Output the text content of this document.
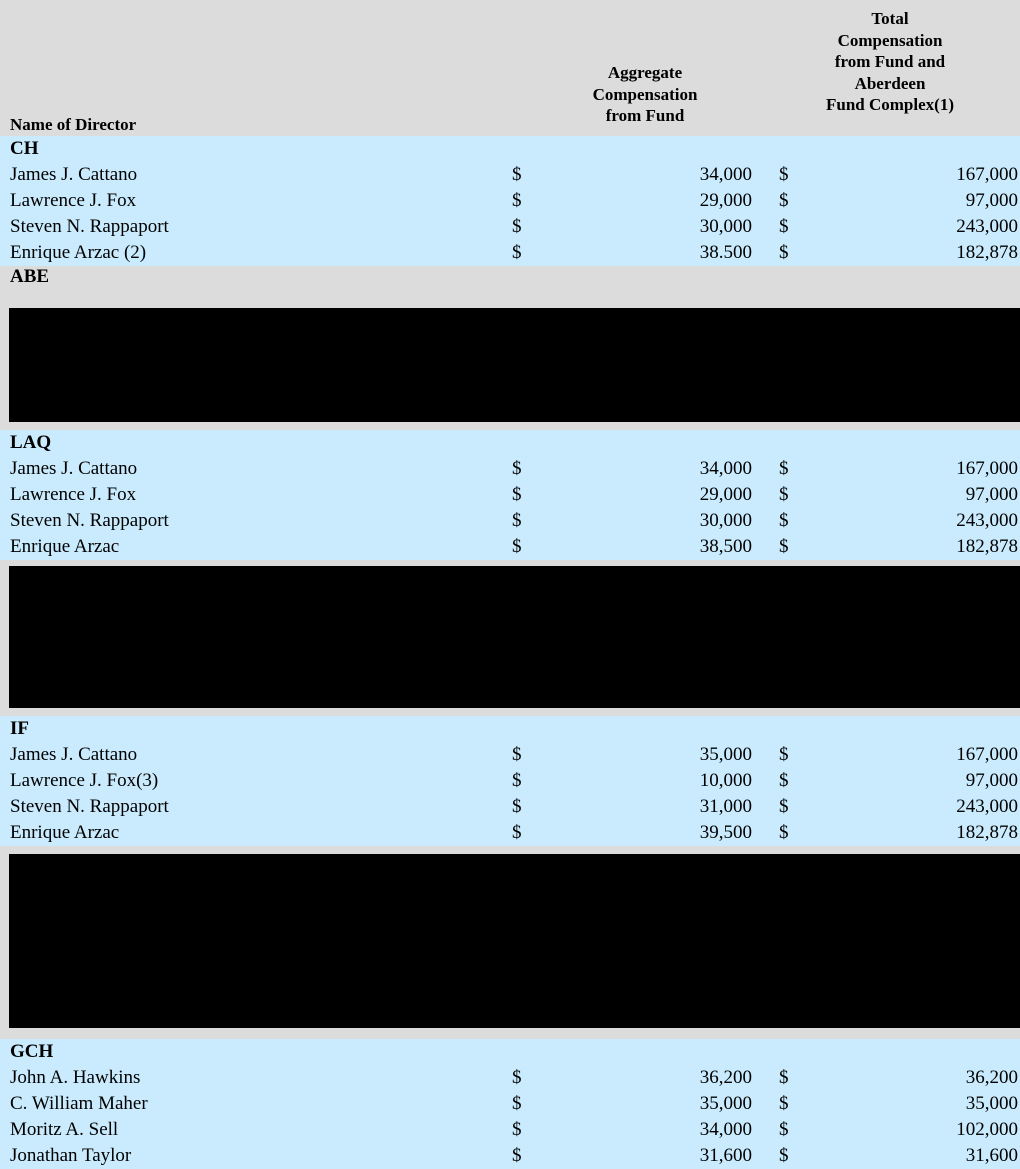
Name of Director
Aggregate
Compensation
from Fund
Total
Compensation
from Fund and
Aberdeen
Fund Complex(1)
CH
James J. Cattano	$	34,000 $	167,000
Lawrence J. Fox	$	29,000 $	97,000
Steven N. Rappaport	$	30,000 $	243,000
Enrique Arzac (2)	$	38.500 $	182,878
ABE
LAQ
James J. Cattano	$	34,000 $	167,000
Lawrence J. Fox	$	29,000 $	97,000
Steven N. Rappaport	$	30,000 $	243,000
Enrique Arzac	$	38,500 $	182,878
IF
James J. Cattano	$	35,000 $	167,000
Lawrence J. Fox(3)	$	10,000 $	97,000
Steven N. Rappaport	$	31,000 $	243,000
Enrique Arzac	$	39,500 $	182,878
GCH
John A. Hawkins	$	36,200 $	36,200
C. William Maher	$	35,000 $	35,000
Moritz A. Sell	$	34,000 $	102,000
Jonathan Taylor	$	31,600 $	31,600
